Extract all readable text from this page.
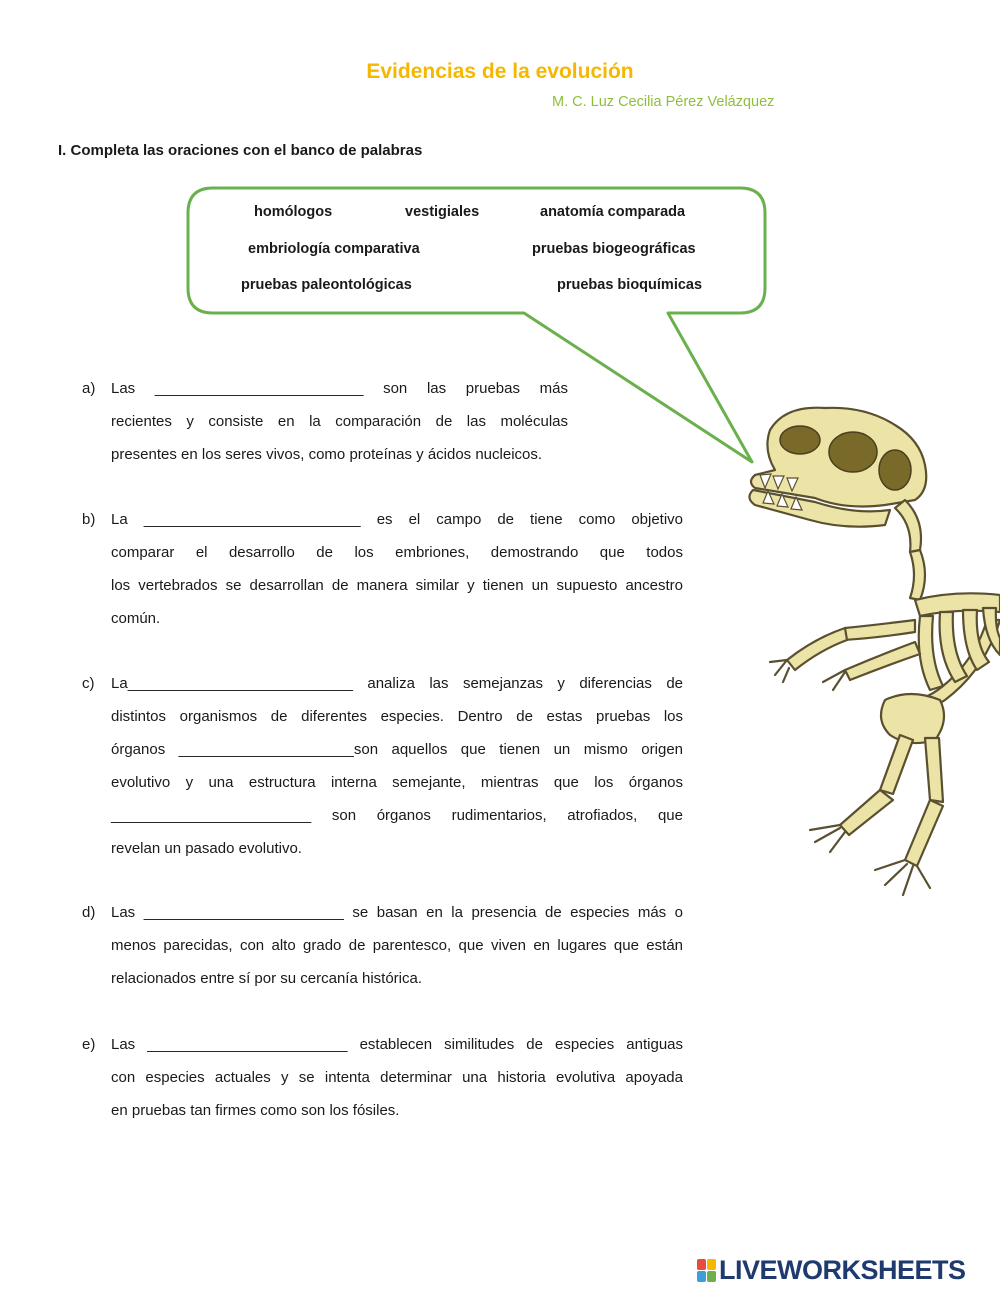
Evidencias de la evolución
M. C. Luz Cecilia Pérez Velázquez
I. Completa las oraciones con el banco de palabras
homólogos	vestigiales	anatomía comparada
embriología comparativa	pruebas biogeográficas
pruebas paleontológicas	pruebas bioquímicas
a) Las _________________________ son las pruebas más
recientes y consiste en la comparación de las moléculas
presentes en los seres vivos, como proteínas y ácidos nucleicos.
b) La __________________________ es el campo de tiene como objetivo
comparar el desarrollo de los embriones, demostrando que todos
los vertebrados se desarrollan de manera similar y tienen un supuesto ancestro
común.
c) La___________________________ analiza las semejanzas y diferencias de
distintos organismos de diferentes especies. Dentro de estas pruebas los
órganos _____________________son aquellos que tienen un mismo origen
evolutivo y una estructura interna semejante, mientras que los órganos
________________________ son órganos rudimentarios, atrofiados, que
revelan un pasado evolutivo.
d) Las ________________________ se basan en la presencia de especies más o
menos parecidas, con alto grado de parentesco, que viven en lugares que están
relacionados entre sí por su cercanía histórica.
e) Las ________________________ establecen similitudes de especies antiguas
con especies actuales y se intenta determinar una historia evolutiva apoyada
en pruebas tan firmes como son los fósiles.
LIVEWORKSHEETS
